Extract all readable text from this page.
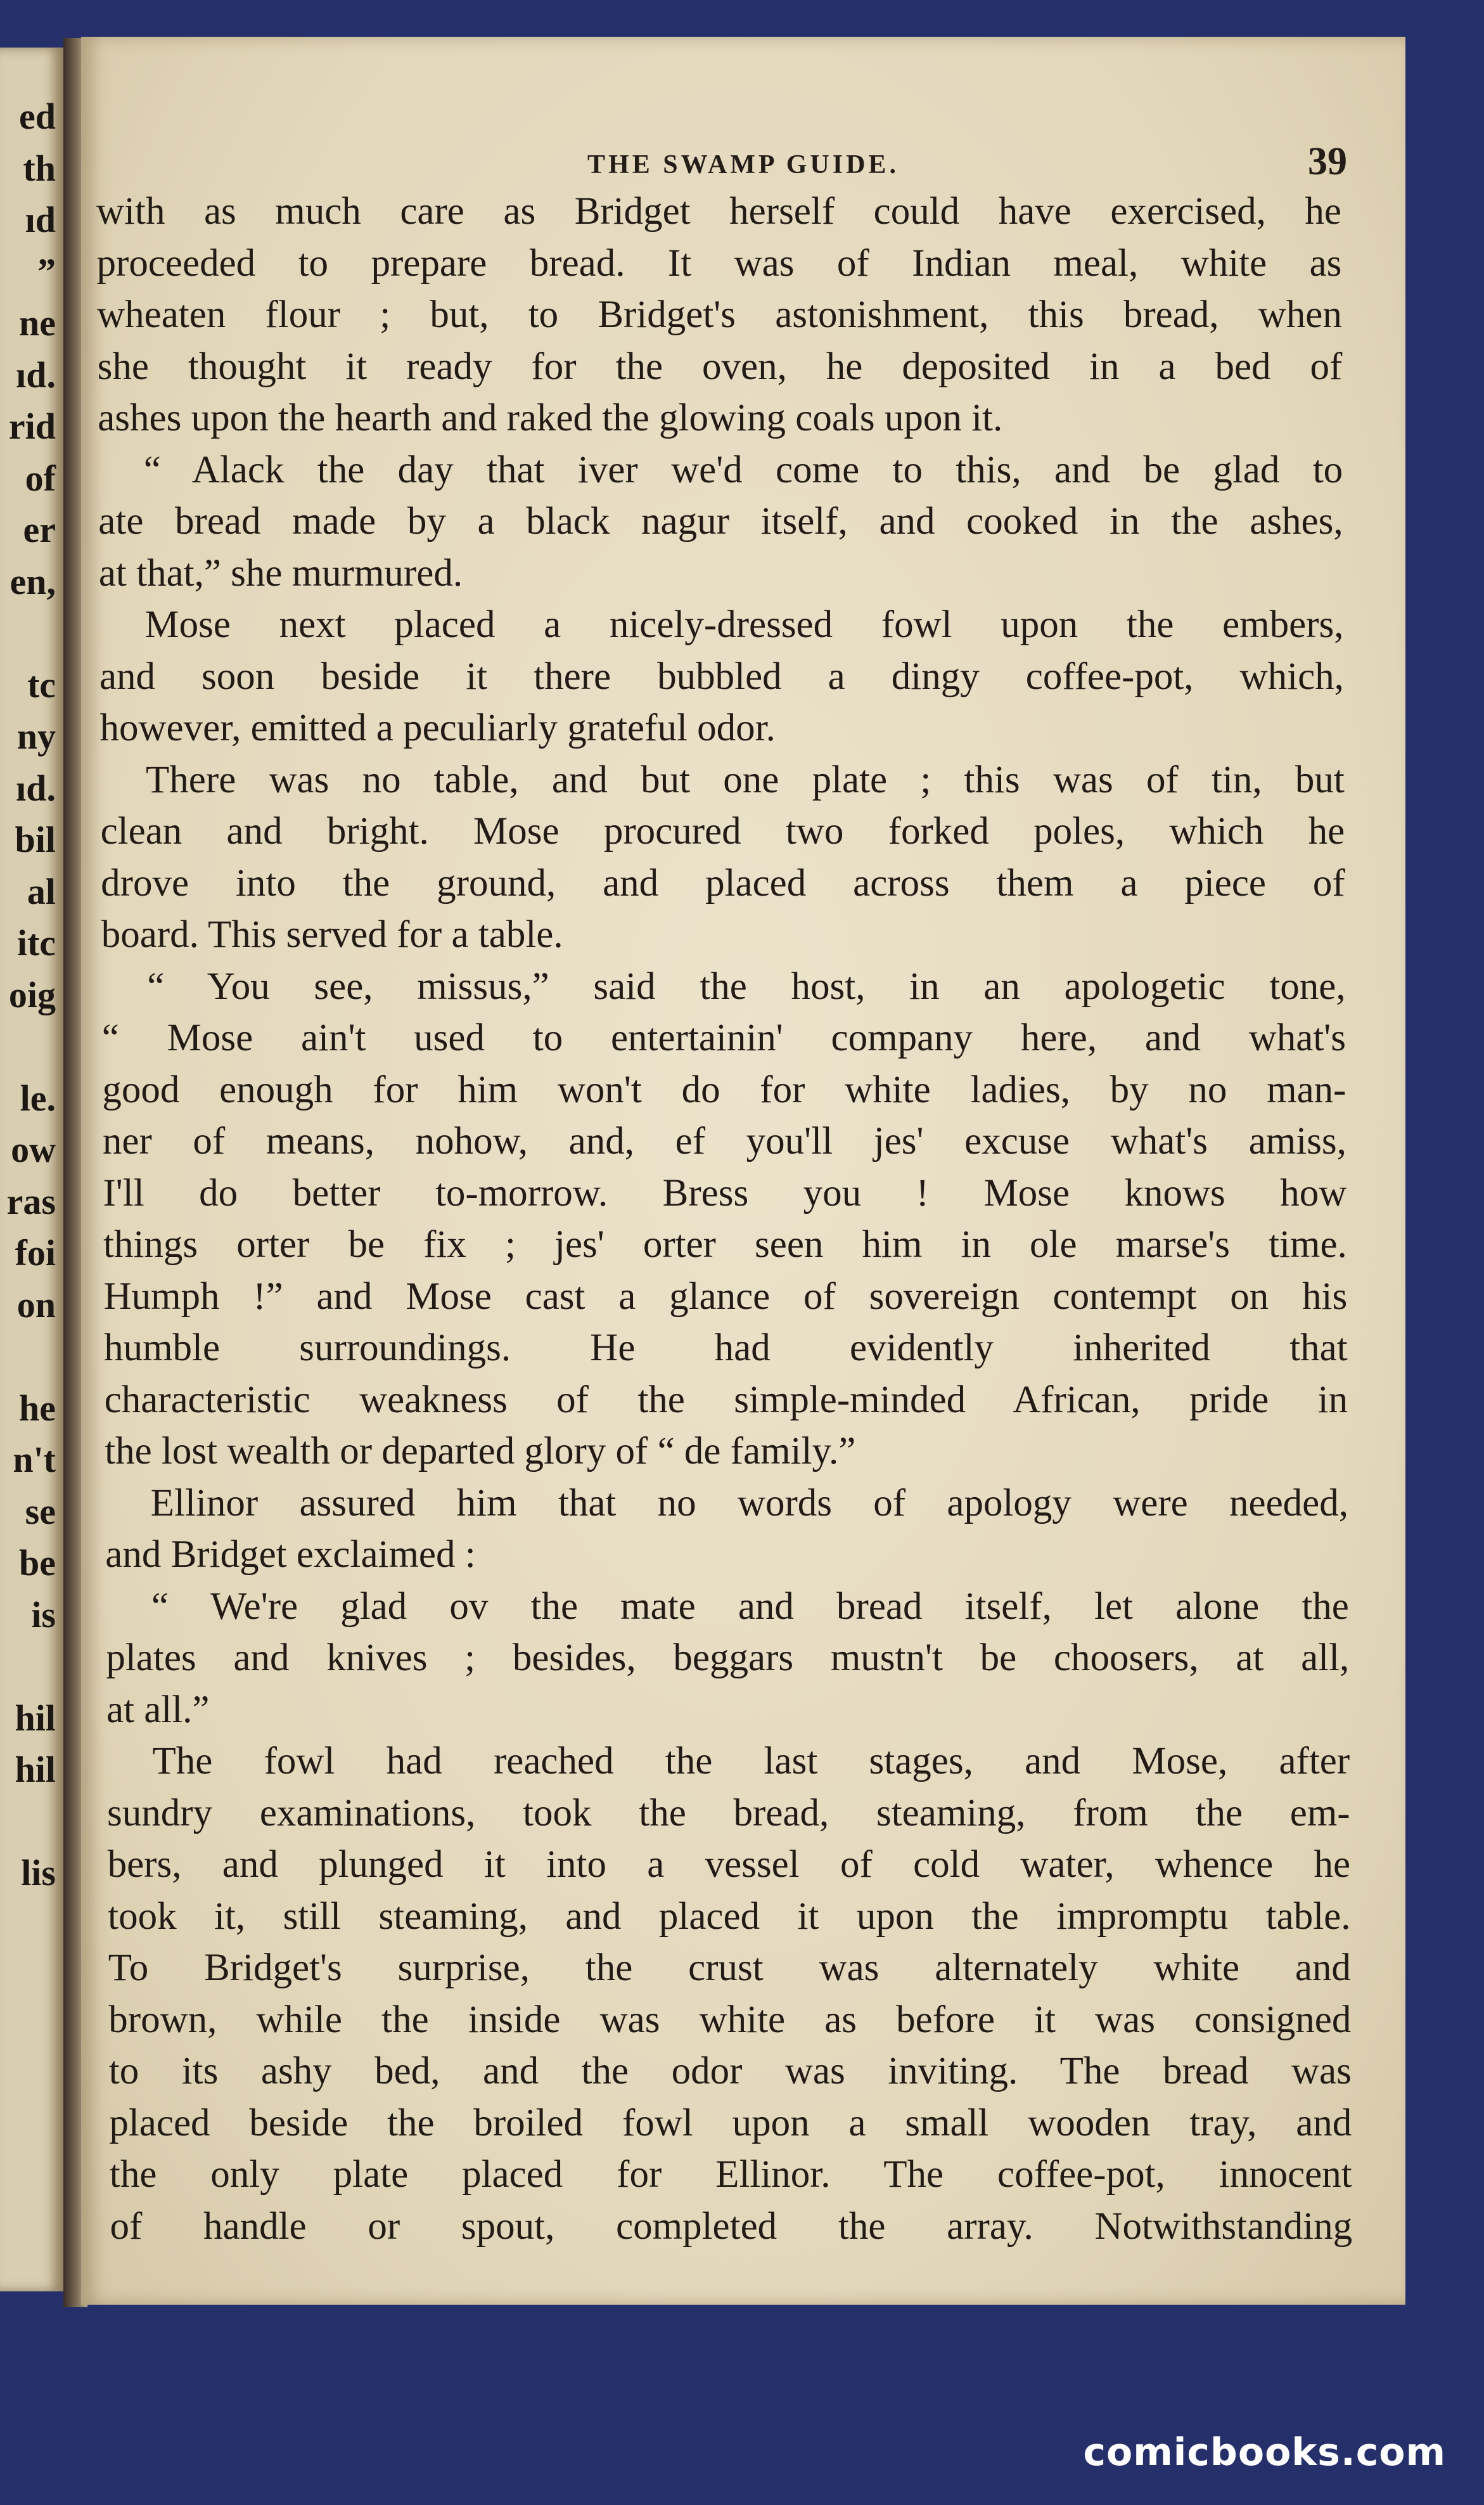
ed
th
ıd
”
ne
ıd.
rid
of
er
en,
tc
ny
ıd.
bil
al
itc
oig
le.
ow
ras
foi
on
he
n't
se
be
is
hil
hil
lis
THE SWAMP GUIDE.	39
with as much care as Bridget herself could have exercised, he
proceeded to prepare bread. It was of Indian meal, white as
wheaten flour ; but, to Bridget's astonishment, this bread, when
she thought it ready for the oven, he deposited in a bed of
ashes upon the hearth and raked the glowing coals upon it.
“ Alack the day that iver we'd come to this, and be glad to
ate bread made by a black nagur itself, and cooked in the ashes,
at that,” she murmured.
Mose next placed a nicely-dressed fowl upon the embers,
and soon beside it there bubbled a dingy coffee-pot, which,
however, emitted a peculiarly grateful odor.
There was no table, and but one plate ; this was of tin, but
clean and bright. Mose procured two forked poles, which he
drove into the ground, and placed across them a piece of
board. This served for a table.
“ You see, missus,” said the host, in an apologetic tone,
“ Mose ain't used to entertainin' company here, and what's
good enough for him won't do for white ladies, by no man-
ner of means, nohow, and, ef you'll jes' excuse what's amiss,
I'll do better to-morrow. Bress you ! Mose knows how
things orter be fix ; jes' orter seen him in ole marse's time.
Humph !” and Mose cast a glance of sovereign contempt on his
humble surroundings. He had evidently inherited that
characteristic weakness of the simple-minded African, pride in
the lost wealth or departed glory of “ de family.”
Ellinor assured him that no words of apology were needed,
and Bridget exclaimed :
“ We're glad ov the mate and bread itself, let alone the
plates and knives ; besides, beggars mustn't be choosers, at all,
at all.”
The fowl had reached the last stages, and Mose, after
sundry examinations, took the bread, steaming, from the em-
bers, and plunged it into a vessel of cold water, whence he
took it, still steaming, and placed it upon the impromptu table.
To Bridget's surprise, the crust was alternately white and
brown, while the inside was white as before it was consigned
to its ashy bed, and the odor was inviting. The bread was
placed beside the broiled fowl upon a small wooden tray, and
the only plate placed for Ellinor. The coffee-pot, innocent
of handle or spout, completed the array. Notwithstanding
comicbooks.com
